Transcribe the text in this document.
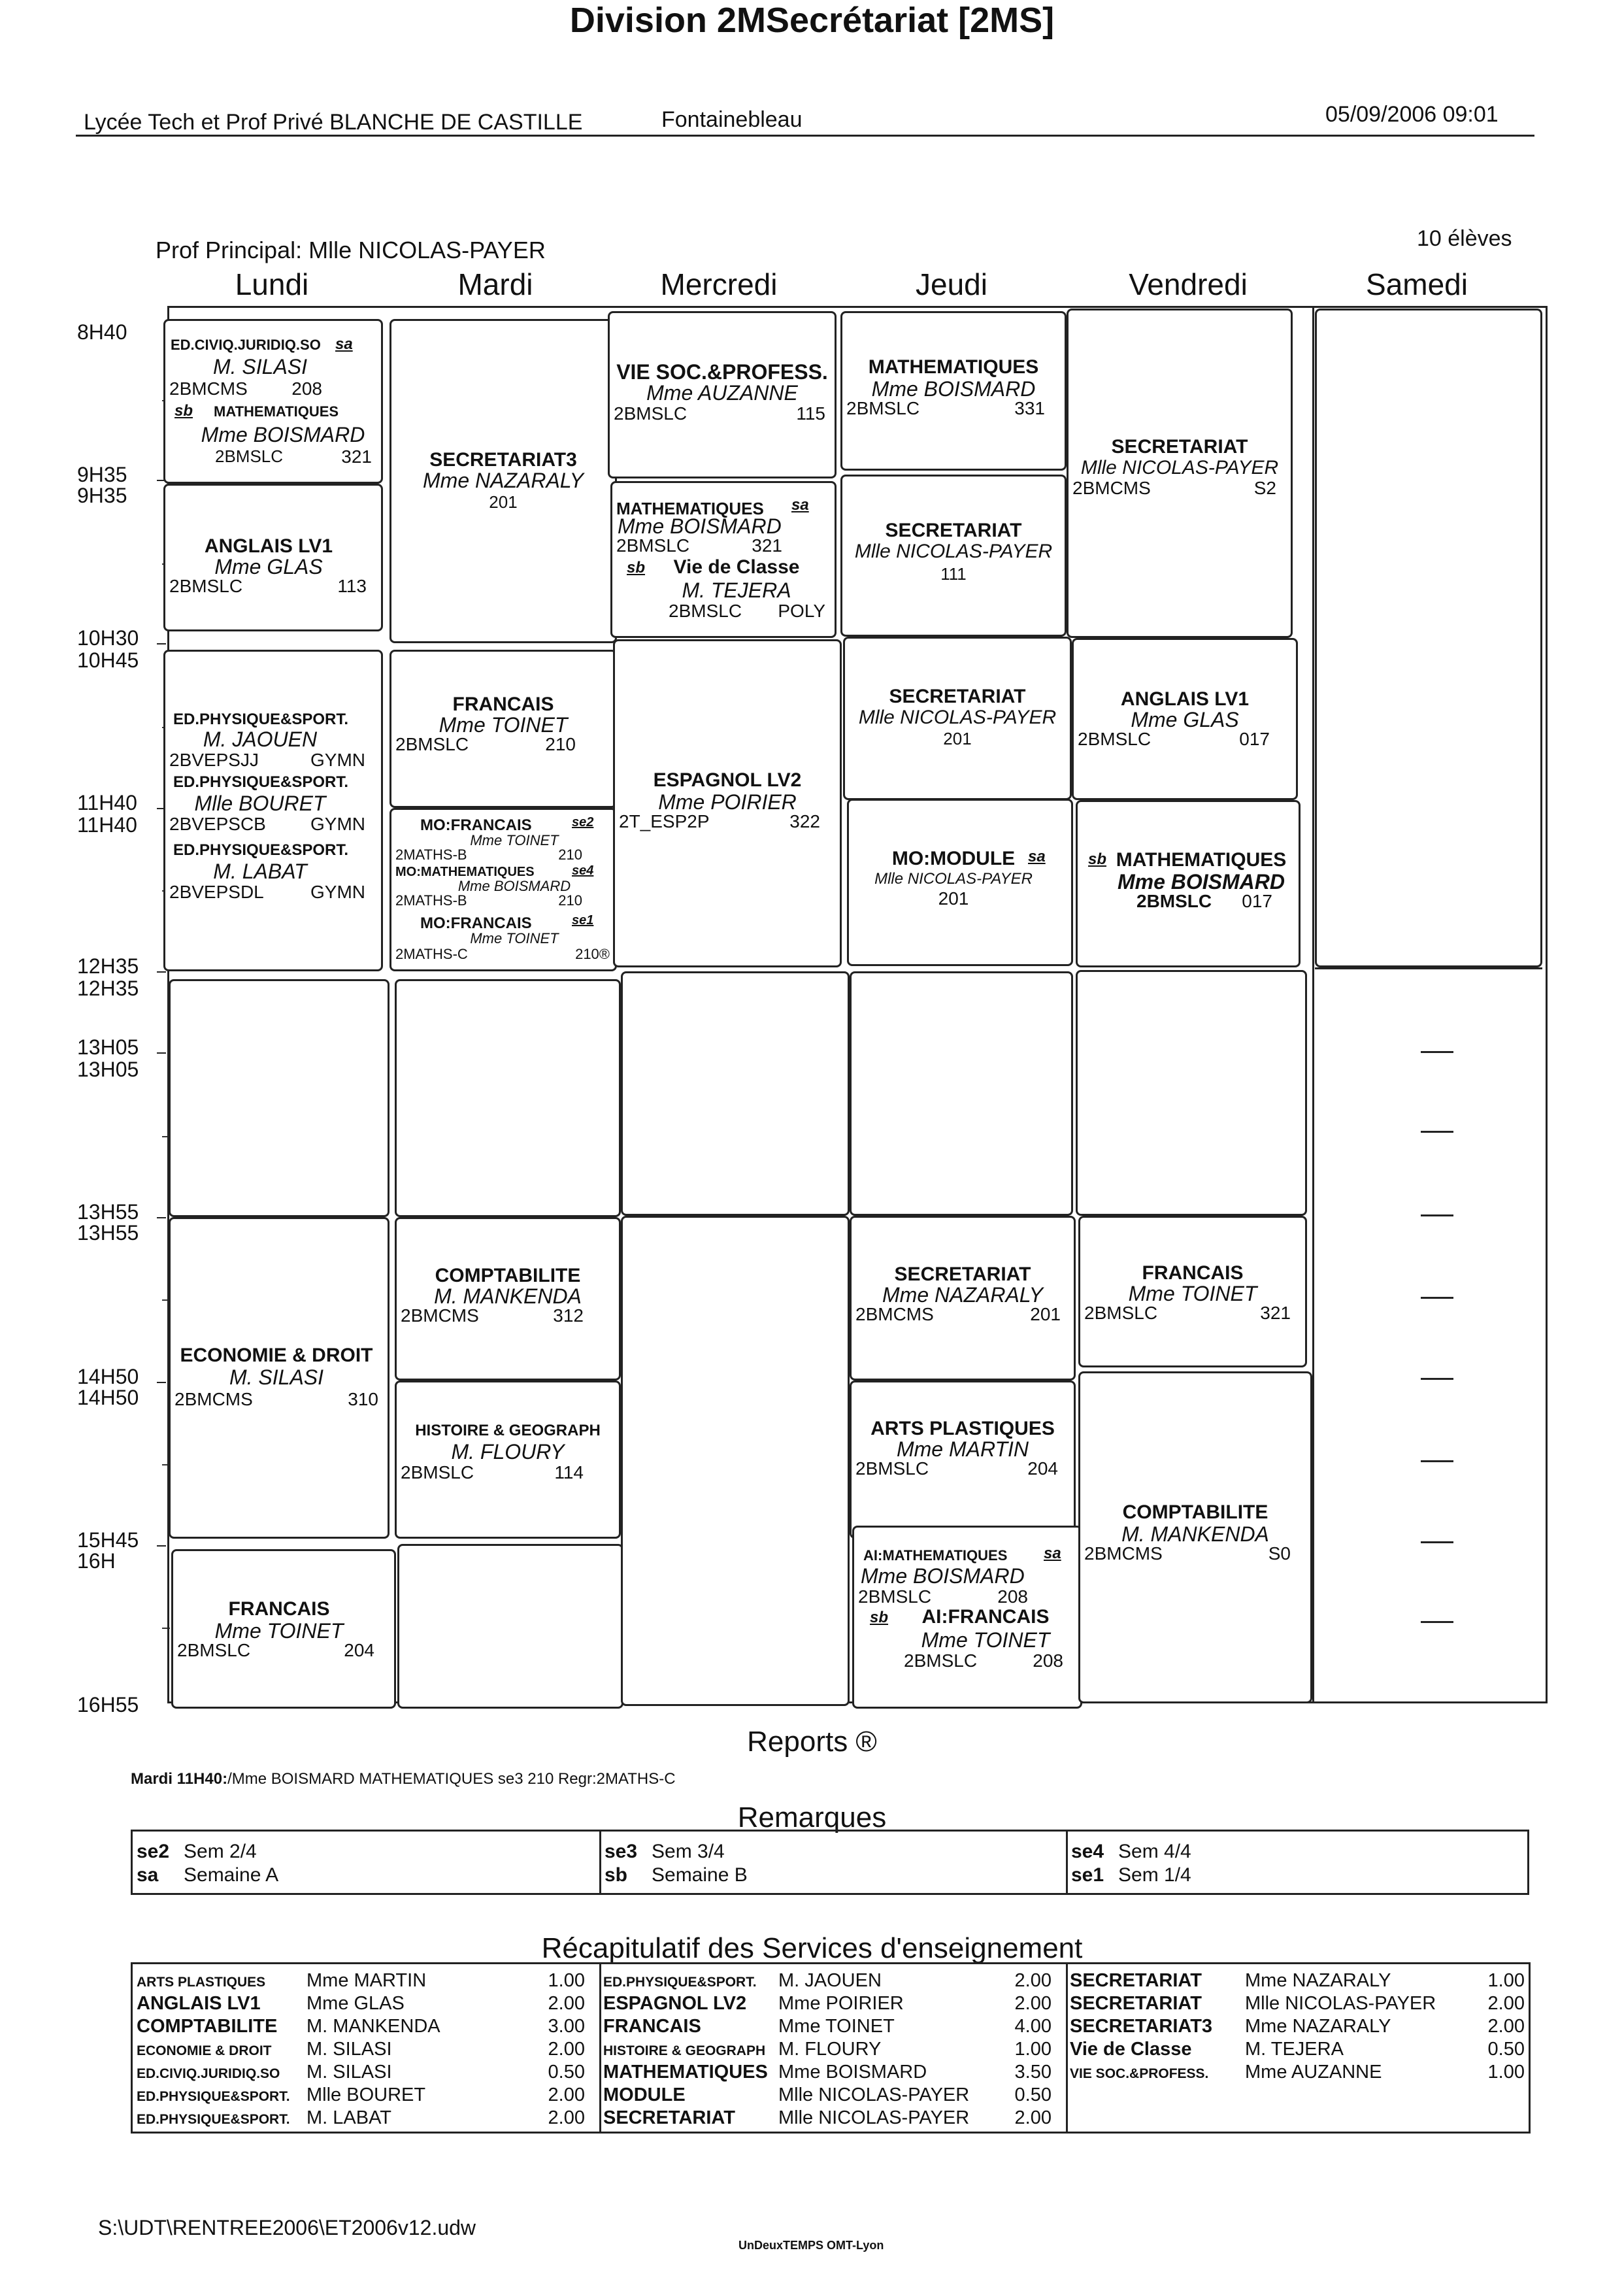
Lycée Tech et Prof Privé BLANCHE DE CASTILLE	Fontainebleau	05/09/2006 09:01
Division 2MSecrétariat [2MS]
Prof Principal: Mlle NICOLAS-PAYER	10 élèves
Lundi	Mardi	Mercredi	Jeudi	Vendredi	Samedi
8H40
9H35
9H35
10H30
10H45
11H40
11H40
12H35
12H35
13H05
13H05
13H55
13H55
14H50
14H50
15H45
16H
16H55
ED.CIVIQ.JURIDIQ.SO sa
M. SILASI
2BMCMS	208
sb MATHEMATIQUES
Mme BOISMARD
2BMSLC	321
ANGLAIS LV1
Mme GLAS
2BMSLC	113
ED.PHYSIQUE&SPORT.
M. JAOUEN
2BVEPSJJ	GYMN
ED.PHYSIQUE&SPORT.
Mlle BOURET
2BVEPSCB	GYMN
ED.PHYSIQUE&SPORT.
M. LABAT
2BVEPSDL	GYMN
ECONOMIE & DROIT
M. SILASI
2BMCMS	310
FRANCAIS
Mme TOINET
2BMSLC	204
SECRETARIAT3
Mme NAZARALY
201
FRANCAIS
Mme TOINET
2BMSLC	210
MO:FRANCAIS	se2
Mme TOINET
2MATHS-B	210
MO:MATHEMATIQUES	se4
Mme BOISMARD
2MATHS-B	210
MO:FRANCAIS	se1
Mme TOINET
2MATHS-C	210®
COMPTABILITE
M. MANKENDA
2BMCMS	312
HISTOIRE & GEOGRAPH
M. FLOURY
2BMSLC	114
VIE SOC.&PROFESS.
Mme AUZANNE
2BMSLC	115
MATHEMATIQUES	sa
Mme BOISMARD
2BMSLC	321
sb	Vie de Classe
M. TEJERA
2BMSLC	POLY
ESPAGNOL LV2
Mme POIRIER
2T_ESP2P	322
MATHEMATIQUES
Mme BOISMARD
2BMSLC	331
SECRETARIAT
Mlle NICOLAS-PAYER
111
SECRETARIAT
Mlle NICOLAS-PAYER
201
MO:MODULE sa
Mlle NICOLAS-PAYER
201
SECRETARIAT
Mme NAZARALY
2BMCMS	201
ARTS PLASTIQUES
Mme MARTIN
2BMSLC	204
AI:MATHEMATIQUES	sa
Mme BOISMARD
2BMSLC	208
sb	AI:FRANCAIS
Mme TOINET
2BMSLC	208
SECRETARIAT
Mlle NICOLAS-PAYER
2BMCMS	S2
ANGLAIS LV1
Mme GLAS
2BMSLC	017
sb MATHEMATIQUES
Mme BOISMARD
2BMSLC	017
FRANCAIS
Mme TOINET
2BMSLC	321
COMPTABILITE
M. MANKENDA
2BMCMS	S0
Reports ®
Mardi 11H40:/Mme BOISMARD MATHEMATIQUES se3 210 Regr:2MATHS-C
Remarques
se2 Sem 2/4
sa Semaine A
se3 Sem 3/4
sb Semaine B
se4 Sem 4/4
se1 Sem 1/4
Récapitulatif des Services d'enseignement
ARTS PLASTIQUES Mme MARTIN	1.00
ANGLAIS LV1 Mme GLAS	2.00
COMPTABILITE M. MANKENDA	3.00
ECONOMIE & DROIT M. SILASI	2.00
ED.CIVIQ.JURIDIQ.SO M. SILASI	0.50
ED.PHYSIQUE&SPORT. Mlle BOURET	2.00
ED.PHYSIQUE&SPORT. M. LABAT	2.00
ED.PHYSIQUE&SPORT. M. JAOUEN	2.00
ESPAGNOL LV2 Mme POIRIER	2.00
FRANCAIS	Mme TOINET	4.00
HISTOIRE & GEOGRAPH M. FLOURY	1.00
MATHEMATIQUES Mme BOISMARD	3.50
MODULE	Mlle NICOLAS-PAYER 0.50
SECRETARIAT Mlle NICOLAS-PAYER 2.00
SECRETARIAT Mme NAZARALY	1.00
SECRETARIAT Mlle NICOLAS-PAYER	2.00
SECRETARIAT3 Mme NAZARALY	2.00
Vie de Classe	M. TEJERA	0.50
VIE SOC.&PROFESS. Mme AUZANNE	1.00
S:\UDT\RENTREE2006\ET2006v12.udw
UnDeuxTEMPS OMT-Lyon
